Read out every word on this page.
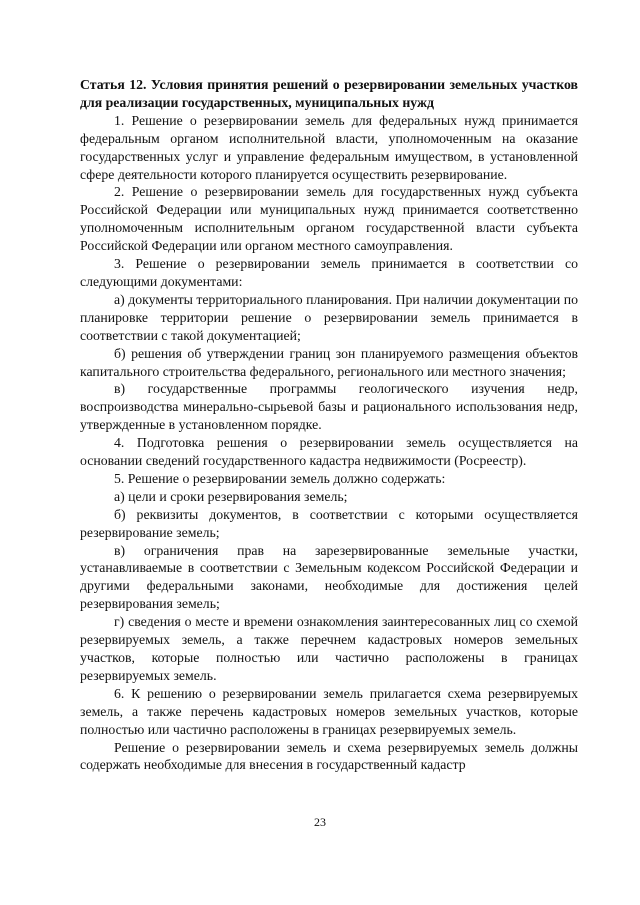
Статья 12. Условия принятия решений о резервировании земельных участков для реализации государственных, муниципальных нужд

1. Решение о резервировании земель для федеральных нужд принимается федеральным органом исполнительной власти, уполномоченным на оказание государственных услуг и управление федеральным имуществом, в установленной сфере деятельности которого планируется осуществить резервирование.

2. Решение о резервировании земель для государственных нужд субъекта Российской Федерации или муниципальных нужд принимается соответственно уполномоченным исполнительным органом государственной власти субъекта Российской Федерации или органом местного самоуправления.

3. Решение о резервировании земель принимается в соответствии со следующими документами:

а) документы территориального планирования. При наличии документации по планировке территории решение о резервировании земель принимается в соответствии с такой документацией;

б) решения об утверждении границ зон планируемого размещения объектов капитального строительства федерального, регионального или местного значения;

в) государственные программы геологического изучения недр, воспроизводства минерально-сырьевой базы и рационального использования недр, утвержденные в установленном порядке.

4. Подготовка решения о резервировании земель осуществляется на основании сведений государственного кадастра недвижимости (Росреестр).

5. Решение о резервировании земель должно содержать:

а) цели и сроки резервирования земель;

б) реквизиты документов, в соответствии с которыми осуществляется резервирование земель;

в) ограничения прав на зарезервированные земельные участки, устанавливаемые в соответствии с Земельным кодексом Российской Федерации и другими федеральными законами, необходимые для достижения целей резервирования земель;

г) сведения о месте и времени ознакомления заинтересованных лиц со схемой резервируемых земель, а также перечнем кадастровых номеров земельных участков, которые полностью или частично расположены в границах резервируемых земель.

6. К решению о резервировании земель прилагается схема резервируемых земель, а также перечень кадастровых номеров земельных участков, которые полностью или частично расположены в границах резервируемых земель.

Решение о резервировании земель и схема резервируемых земель должны содержать необходимые для внесения в государственный кадастр

23
